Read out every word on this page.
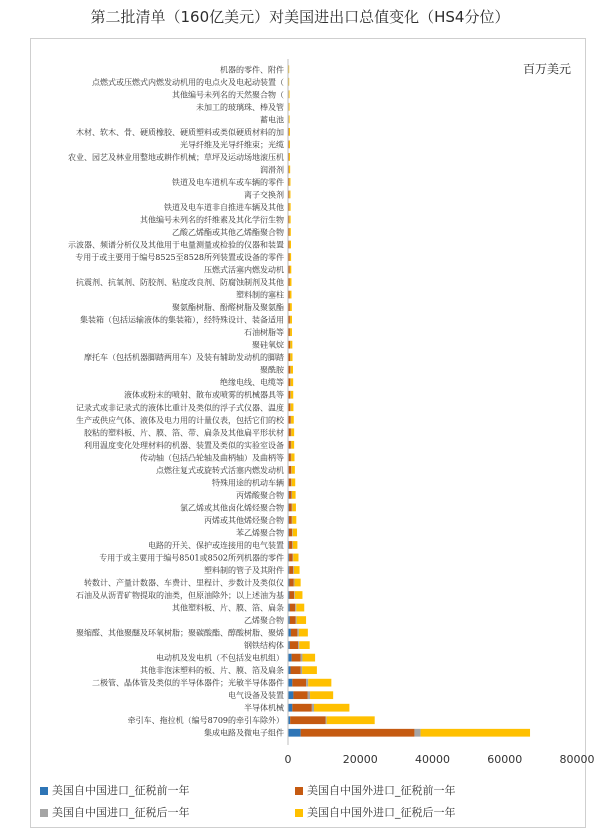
第二批清单（160亿美元）对美国进出口总值变化（HS4分位）
百万美元
集成电路及微电子组件
牵引车、拖拉机（编号8709的牵引车除外）
半导体机械
电气设备及装置
二极管、晶体管及类似的半导体器件；光敏半导体器件
其他非泡沫塑料的板、片、膜、箔及扁条
电动机及发电机（不包括发电机组）
钢铁结构体
聚缩醛、其他聚醚及环氧树脂；聚碳酸酯、醇酸树脂、聚烯
乙烯聚合物
其他塑料板、片、膜、箔、扁条
石油及从沥青矿物提取的油类，但原油除外；以上述油为基
转数计、产量计数器、车费计、里程计、步数计及类似仪
塑料制的管子及其附件
专用于或主要用于编号8501或8502所列机器的零件
电路的开关、保护或连接用的电气装置
苯乙烯聚合物
丙烯或其他烯烃聚合物
氯乙烯或其他卤化烯烃聚合物
丙烯酸聚合物
特殊用途的机动车辆
点燃往复式或旋转式活塞内燃发动机
传动轴（包括凸轮轴及曲柄轴）及曲柄等
利用温度变化处理材料的机器、装置及类似的实验室设备
胶粘的塑料板、片、膜、箔、带、扁条及其他扁平形状材
生产或供应气体、液体及电力用的计量仪表，包括它们的校
记录式或非记录式的液体比重计及类似的浮子式仪器、温度
液体或粉末的喷射、散布或喷雾的机械器具等
绝缘电线、电缆等
聚酰胺
摩托车（包括机器脚踏两用车）及装有辅助发动机的脚踏
聚硅氧烷
石油树脂等
集装箱（包括运输液体的集装箱），经特殊设计、装备适用
聚氨酯树脂、酚醛树脂及聚氨酯
塑料制的塞柱
抗震剂、抗氧剂、防胶剂、粘度改良剂、防腐蚀制剂及其他
压燃式活塞内燃发动机
专用于或主要用于编号8525至8528所列装置或设备的零件
示波器、频谱分析仪及其他用于电量测量或检验的仪器和装置
乙酸乙烯酯或其他乙烯酯聚合物
其他编号未列名的纤维素及其化学衍生物
铁道及电车道非自推进车辆及其他
离子交换剂
铁道及电车道机车或车辆的零件
润滑剂
农业、园艺及林业用整地或耕作机械；草坪及运动场地滚压机
光导纤维及光导纤维束；光缆
木材、软木、骨、硬质橡胶、硬质塑料或类似硬质材料的加
蓄电池
未加工的玻璃珠、棒及管
其他编号未列名的天然聚合物（
点燃式或压燃式内燃发动机用的电点火及电起动装置（
机器的零件、附件
0	20000	40000	60000	80000
美国自中国进口_征税前一年	美国自中国外进口_征税前一年
美国自中国进口_征税后一年	美国自中国外进口_征税后一年
